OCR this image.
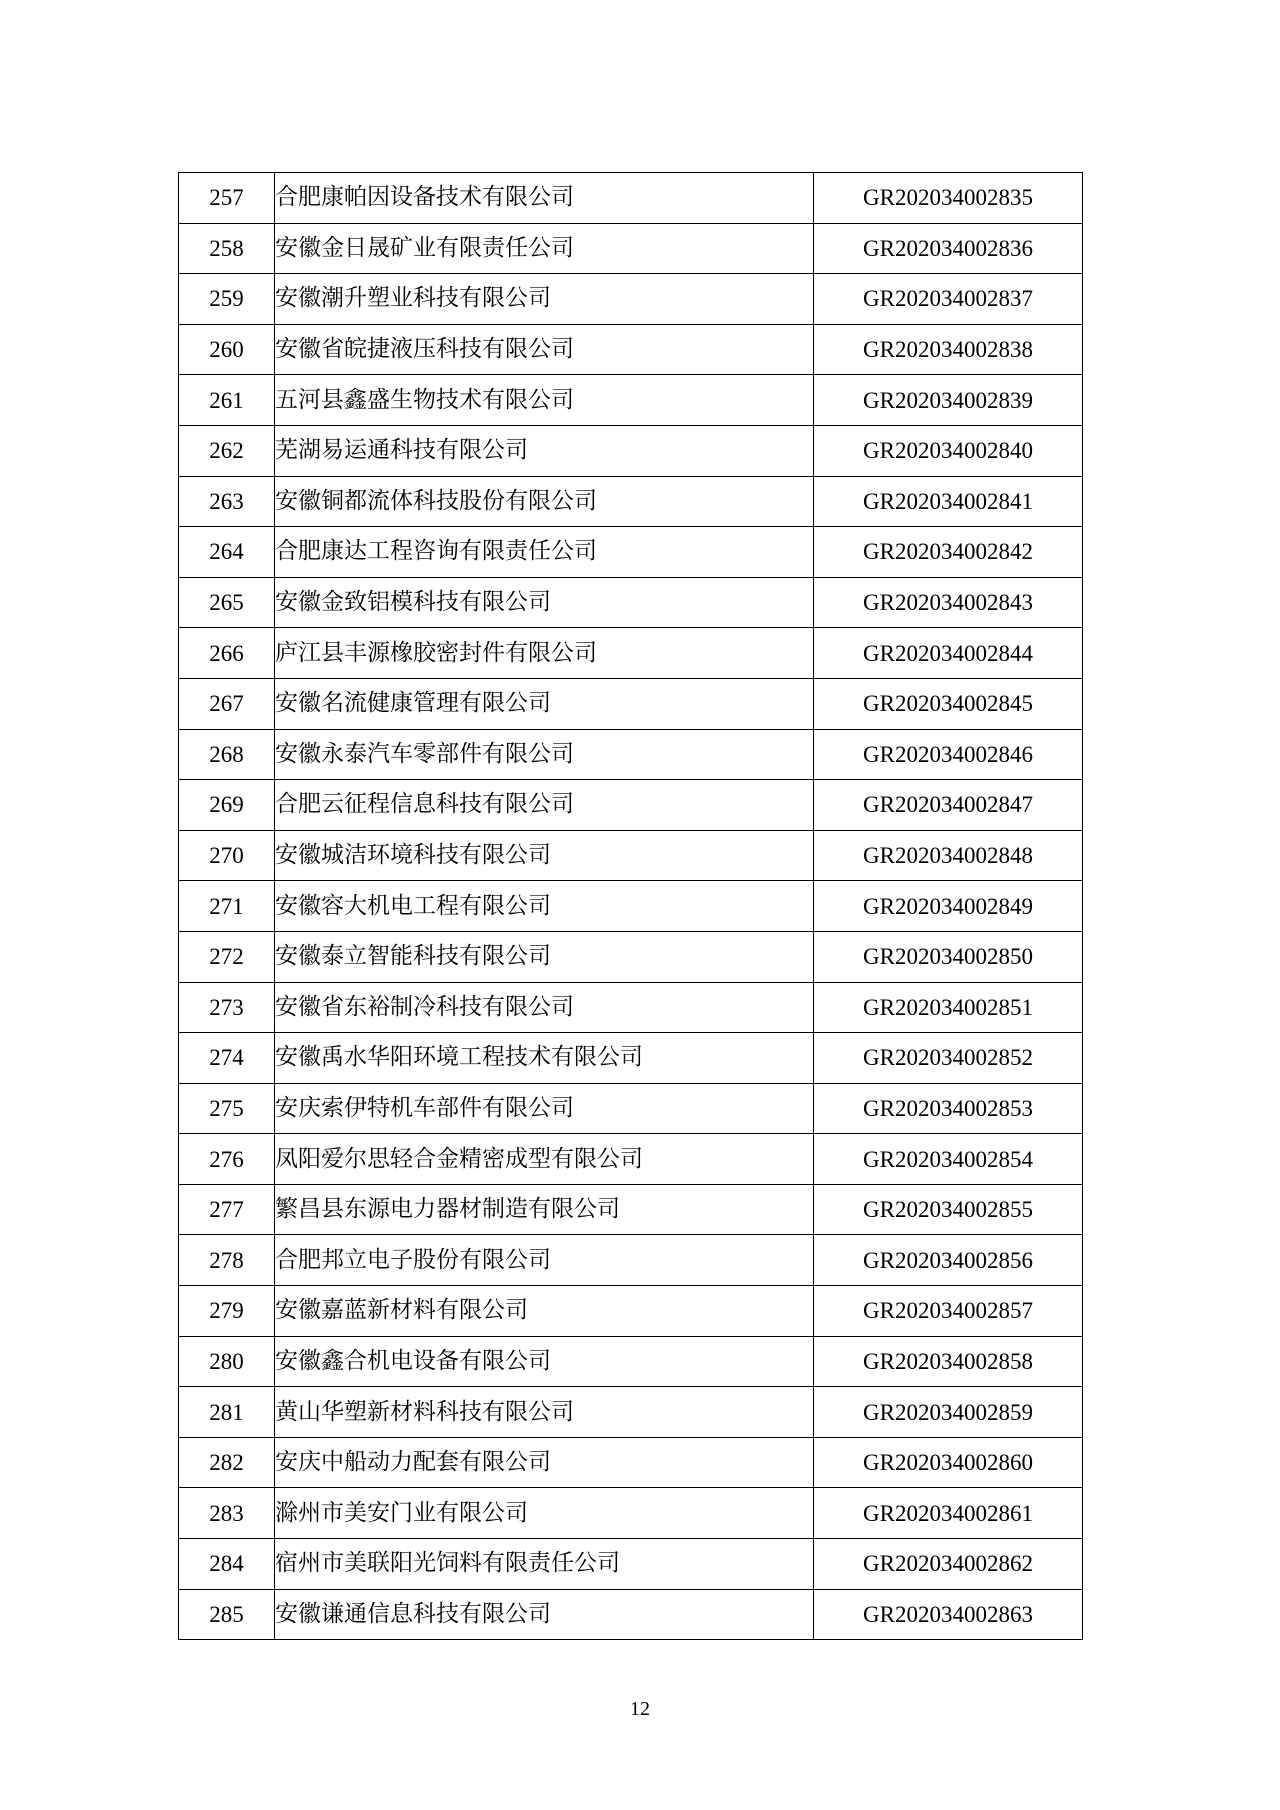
257	合肥康帕因设备技术有限公司	GR202034002835
258	安徽金日晟矿业有限责任公司	GR202034002836
259	安徽潮升塑业科技有限公司	GR202034002837
260	安徽省皖捷液压科技有限公司	GR202034002838
261	五河县鑫盛生物技术有限公司	GR202034002839
262	芜湖易运通科技有限公司	GR202034002840
263	安徽铜都流体科技股份有限公司	GR202034002841
264	合肥康达工程咨询有限责任公司	GR202034002842
265	安徽金致铝模科技有限公司	GR202034002843
266	庐江县丰源橡胶密封件有限公司	GR202034002844
267	安徽名流健康管理有限公司	GR202034002845
268	安徽永泰汽车零部件有限公司	GR202034002846
269	合肥云征程信息科技有限公司	GR202034002847
270	安徽城洁环境科技有限公司	GR202034002848
271	安徽容大机电工程有限公司	GR202034002849
272	安徽泰立智能科技有限公司	GR202034002850
273	安徽省东裕制冷科技有限公司	GR202034002851
274	安徽禹水华阳环境工程技术有限公司	GR202034002852
275	安庆索伊特机车部件有限公司	GR202034002853
276	凤阳爱尔思轻合金精密成型有限公司	GR202034002854
277	繁昌县东源电力器材制造有限公司	GR202034002855
278	合肥邦立电子股份有限公司	GR202034002856
279	安徽嘉蓝新材料有限公司	GR202034002857
280	安徽鑫合机电设备有限公司	GR202034002858
281	黄山华塑新材料科技有限公司	GR202034002859
282	安庆中船动力配套有限公司	GR202034002860
283	滁州市美安门业有限公司	GR202034002861
284	宿州市美联阳光饲料有限责任公司	GR202034002862
285	安徽谦通信息科技有限公司	GR202034002863
12
